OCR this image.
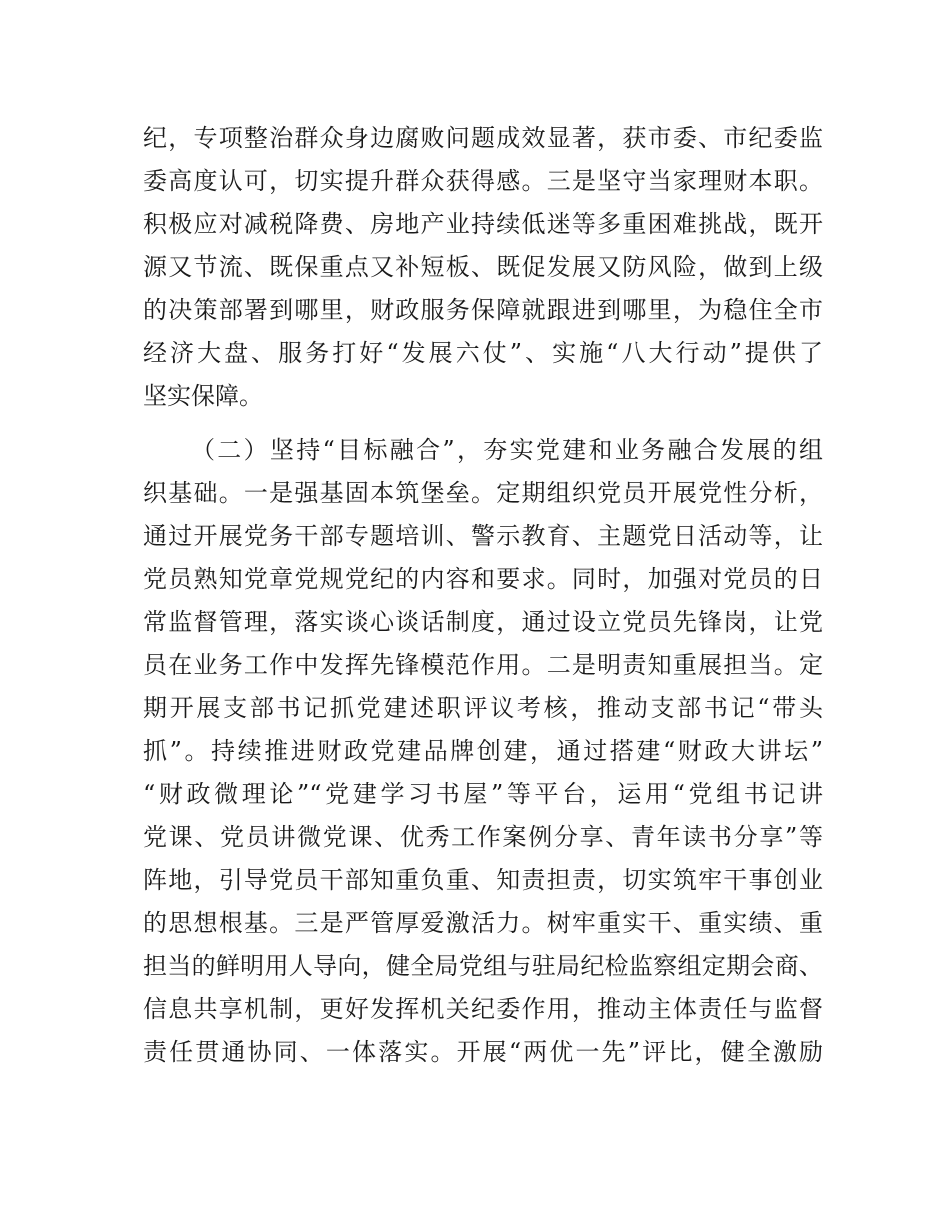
纪，专项整治群众身边腐败问题成效显著，获市委、市纪委监
委高度认可，切实提升群众获得感。三是坚守当家理财本职。
积极应对减税降费、房地产业持续低迷等多重困难挑战，既开
源又节流、既保重点又补短板、既促发展又防风险，做到上级
的决策部署到哪里，财政服务保障就跟进到哪里，为稳住全市
经济大盘、服务打好“发展六仗”、实施“八大行动”提供了
坚实保障。
（二）坚持“目标融合”，夯实党建和业务融合发展的组
织基础。一是强基固本筑堡垒。定期组织党员开展党性分析，
通过开展党务干部专题培训、警示教育、主题党日活动等，让
党员熟知党章党规党纪的内容和要求。同时，加强对党员的日
常监督管理，落实谈心谈话制度，通过设立党员先锋岗，让党
员在业务工作中发挥先锋模范作用。二是明责知重展担当。定
期开展支部书记抓党建述职评议考核，推动支部书记“带头
抓”。持续推进财政党建品牌创建，通过搭建“财政大讲坛”
“财政微理论”“党建学习书屋”等平台，运用“党组书记讲
党课、党员讲微党课、优秀工作案例分享、青年读书分享”等
阵地，引导党员干部知重负重、知责担责，切实筑牢干事创业
的思想根基。三是严管厚爱激活力。树牢重实干、重实绩、重
担当的鲜明用人导向，健全局党组与驻局纪检监察组定期会商、
信息共享机制，更好发挥机关纪委作用，推动主体责任与监督
责任贯通协同、一体落实。开展“两优一先”评比，健全激励
